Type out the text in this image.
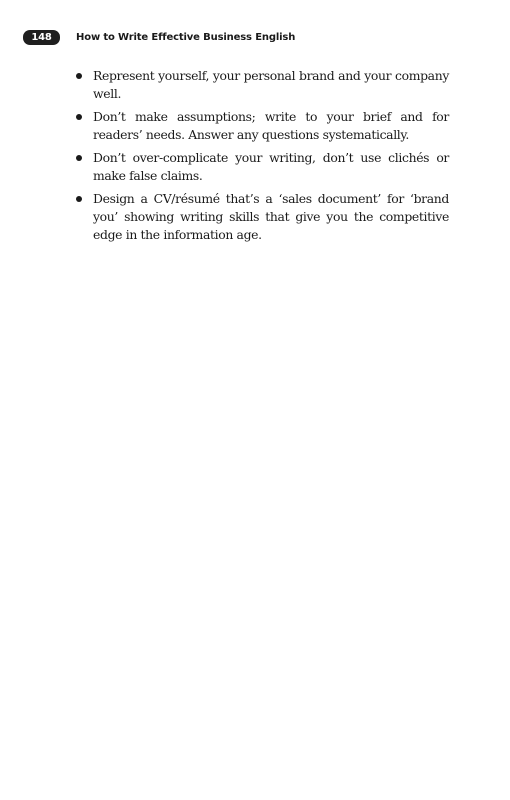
148	How to Write Effective Business English
Represent yourself, your personal brand and your company well.
Don’t make assumptions; write to your brief and for readers’ needs. Answer any questions systematically.
Don’t over-complicate your writing, don’t use clichés or make false claims.
Design a CV/résumé that’s a ‘sales document’ for ‘brand you’ showing writing skills that give you the competitive edge in the information age.
